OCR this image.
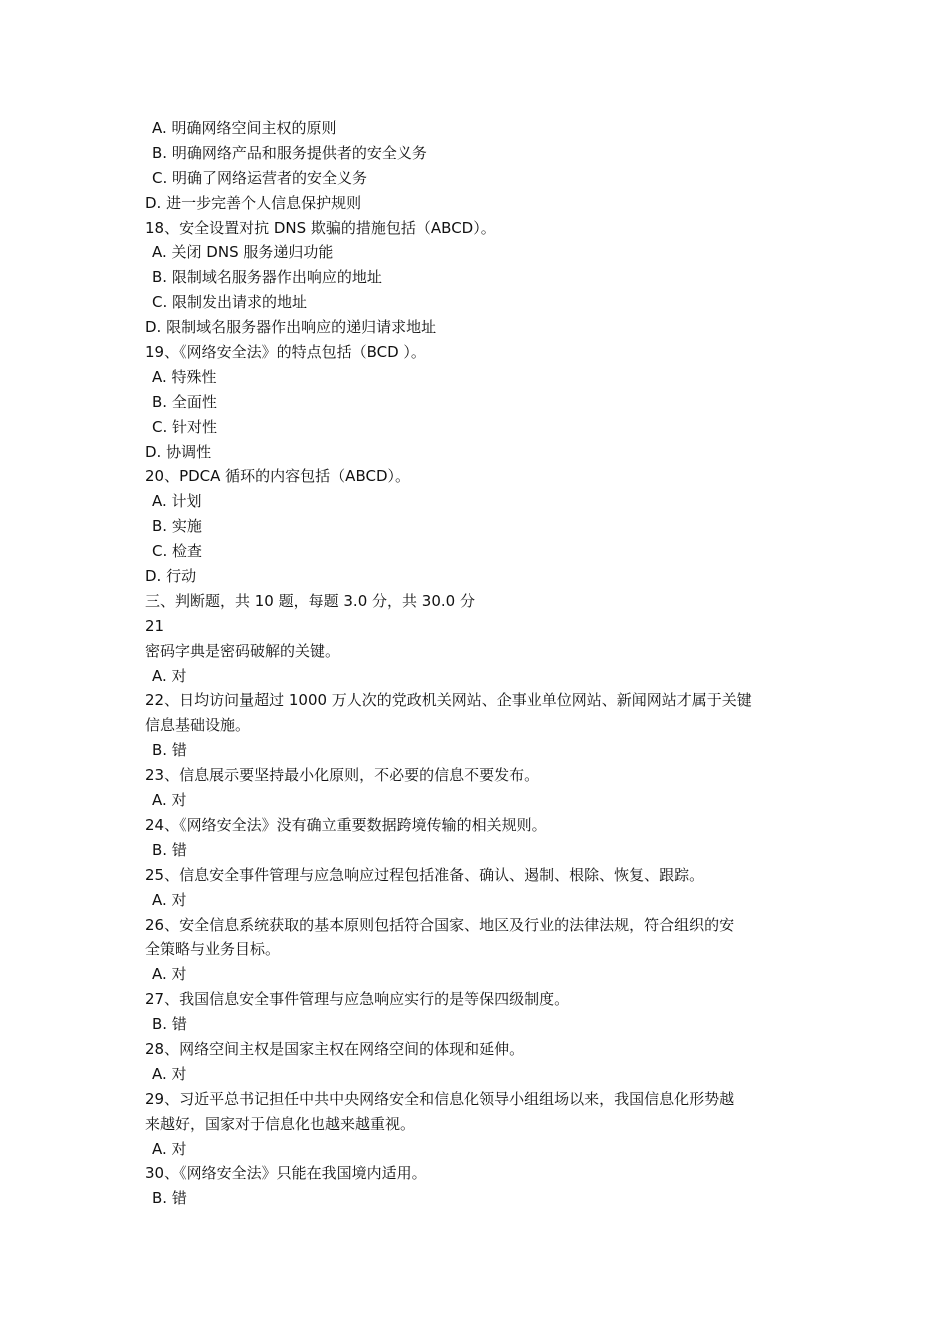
A. 明确网络空间主权的原则
B. 明确网络产品和服务提供者的安全义务
C. 明确了网络运营者的安全义务
D. 进一步完善个人信息保护规则
18、安全设置对抗 DNS 欺骗的措施包括（ABCD）。
A. 关闭 DNS 服务递归功能
B. 限制域名服务器作出响应的地址
C. 限制发出请求的地址
D. 限制域名服务器作出响应的递归请求地址
19、《网络安全法》的特点包括（BCD ）。
A. 特殊性
B. 全面性
C. 针对性
D. 协调性
20、PDCA 循环的内容包括（ABCD）。
A. 计划
B. 实施
C. 检查
D. 行动
三、判断题，共 10 题，每题 3.0 分，共 30.0 分
21
密码字典是密码破解的关键。
A. 对
22、日均访问量超过 1000 万人次的党政机关网站、企事业单位网站、新闻网站才属于关键
信息基础设施。
B. 错
23、信息展示要坚持最小化原则，不必要的信息不要发布。
A. 对
24、《网络安全法》没有确立重要数据跨境传输的相关规则。
B. 错
25、信息安全事件管理与应急响应过程包括准备、确认、遏制、根除、恢复、跟踪。
A. 对
26、安全信息系统获取的基本原则包括符合国家、地区及行业的法律法规，符合组织的安
全策略与业务目标。
A. 对
27、我国信息安全事件管理与应急响应实行的是等保四级制度。
B. 错
28、网络空间主权是国家主权在网络空间的体现和延伸。
A. 对
29、习近平总书记担任中共中央网络安全和信息化领导小组组场以来，我国信息化形势越
来越好，国家对于信息化也越来越重视。
A. 对
30、《网络安全法》只能在我国境内适用。
B. 错
